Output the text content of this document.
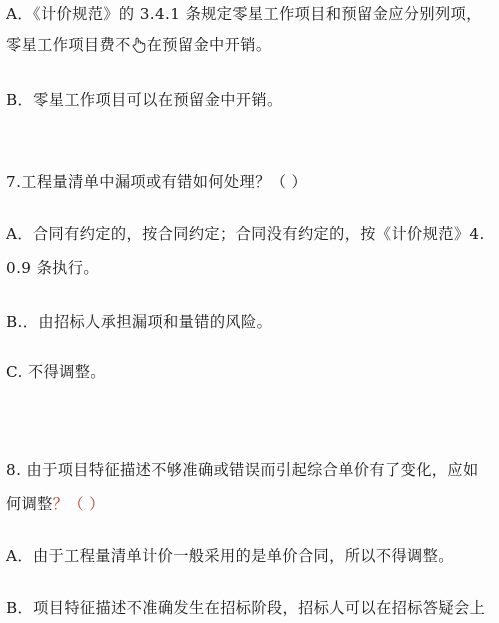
A．《计价规范》的 3.4.1 条规定零星工作项目和预留金应分别列项，
零星工作项目费不 在预留金中开销。
B．零星工作项目可以在预留金中开销。
7.工程量清单中漏项或有错如何处理？（ ）
A．合同有约定的，按合同约定；合同没有约定的，按《计价规范》4.
0.9 条执行。
B.．由招标人承担漏项和量错的风险。
C. 不得调整。
8. 由于项目特征描述不够准确或错误而引起综合单价有了变化，应如
何调整？（ ）
A．由于工程量清单计价一般采用的是单价合同，所以不得调整。
B．项目特征描述不准确发生在招标阶段，招标人可以在招标答疑会上
